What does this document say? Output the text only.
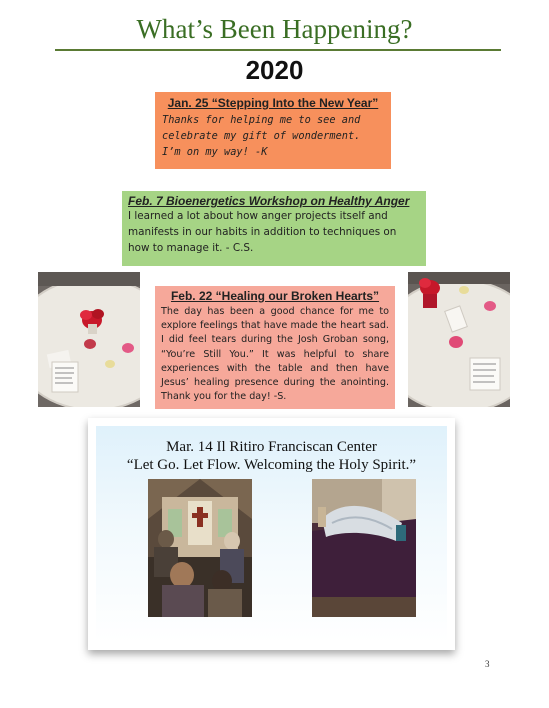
What’s Been Happening?
2020
Jan. 25 “Stepping Into the New Year”
Thanks for helping me to see and celebrate my gift of wonderment. I’m on my way! -K
Feb. 7 Bioenergetics Workshop on Healthy Anger
I learned a lot about how anger projects itself and manifests in our habits in addition to techniques on how to manage it. - C.S.
Feb. 22 “Healing our Broken Hearts”
The day has been a good chance for me to explore feelings that have made the heart sad. I did feel tears during the Josh Groban song, “You’re Still You.” It was helpful to share experiences with the table and then have Jesus’ healing presence during the anointing. Thank you for the day! -S.
Mar. 14 Il Ritiro Franciscan Center
“Let Go. Let Flow. Welcoming the Holy Spirit.”
3
